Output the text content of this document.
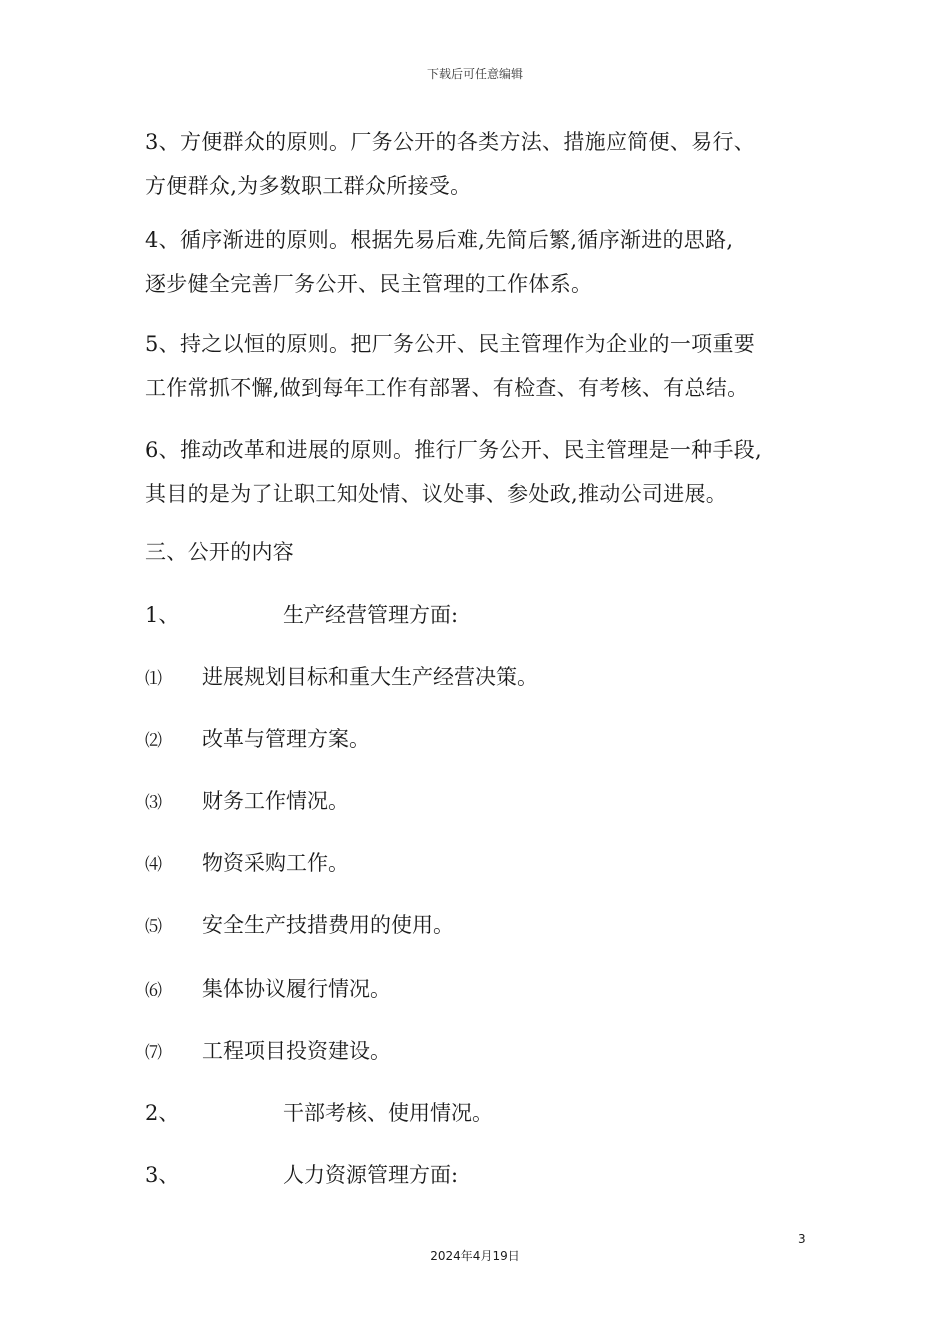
下载后可任意编辑
3、方便群众的原则。厂务公开的各类方法、措施应简便、易行、
方便群众,为多数职工群众所接受。
4、循序渐进的原则。根据先易后难,先简后繁,循序渐进的思路,
逐步健全完善厂务公开、民主管理的工作体系。
5、持之以恒的原则。把厂务公开、民主管理作为企业的一项重要
工作常抓不懈,做到每年工作有部署、有检查、有考核、有总结。
6、推动改革和进展的原则。推行厂务公开、民主管理是一种手段,
其目的是为了让职工知处情、议处事、参处政,推动公司进展。
三、公开的内容
1、	生产经营管理方面:
⑴ 进展规划目标和重大生产经营决策。
⑵ 改革与管理方案。
⑶ 财务工作情况。
⑷ 物资采购工作。
⑸ 安全生产技措费用的使用。
⑹ 集体协议履行情况。
⑺ 工程项目投资建设。
2、	干部考核、使用情况。
3、	人力资源管理方面:
3
2024年4月19日
